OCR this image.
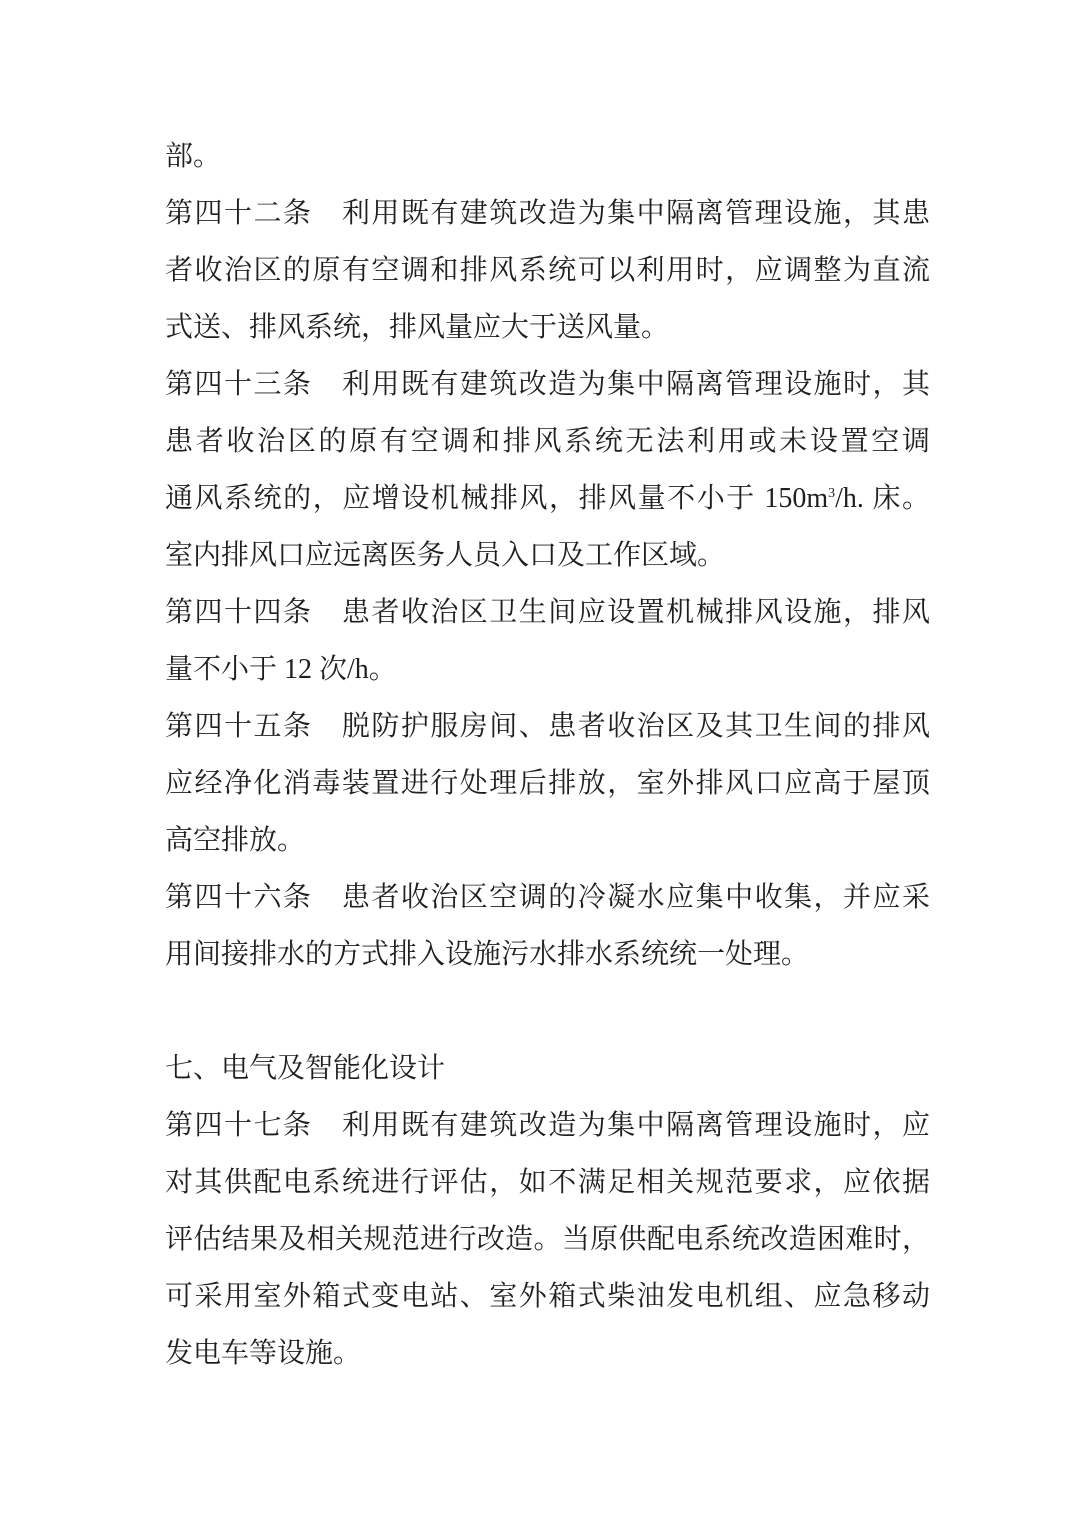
部。
第四十二条　利用既有建筑改造为集中隔离管理设施，其患
者收治区的原有空调和排风系统可以利用时，应调整为直流
式送、排风系统，排风量应大于送风量。
第四十三条　利用既有建筑改造为集中隔离管理设施时，其
患者收治区的原有空调和排风系统无法利用或未设置空调
通风系统的，应增设机械排风，排风量不小于 150m3/h. 床。
室内排风口应远离医务人员入口及工作区域。
第四十四条　患者收治区卫生间应设置机械排风设施，排风
量不小于 12 次/h。
第四十五条　脱防护服房间、患者收治区及其卫生间的排风
应经净化消毒装置进行处理后排放，室外排风口应高于屋顶
高空排放。
第四十六条　患者收治区空调的冷凝水应集中收集，并应采
用间接排水的方式排入设施污水排水系统统一处理。
七、电气及智能化设计
第四十七条　利用既有建筑改造为集中隔离管理设施时，应
对其供配电系统进行评估，如不满足相关规范要求，应依据
评估结果及相关规范进行改造。当原供配电系统改造困难时，
可采用室外箱式变电站、室外箱式柴油发电机组、应急移动
发电车等设施。
